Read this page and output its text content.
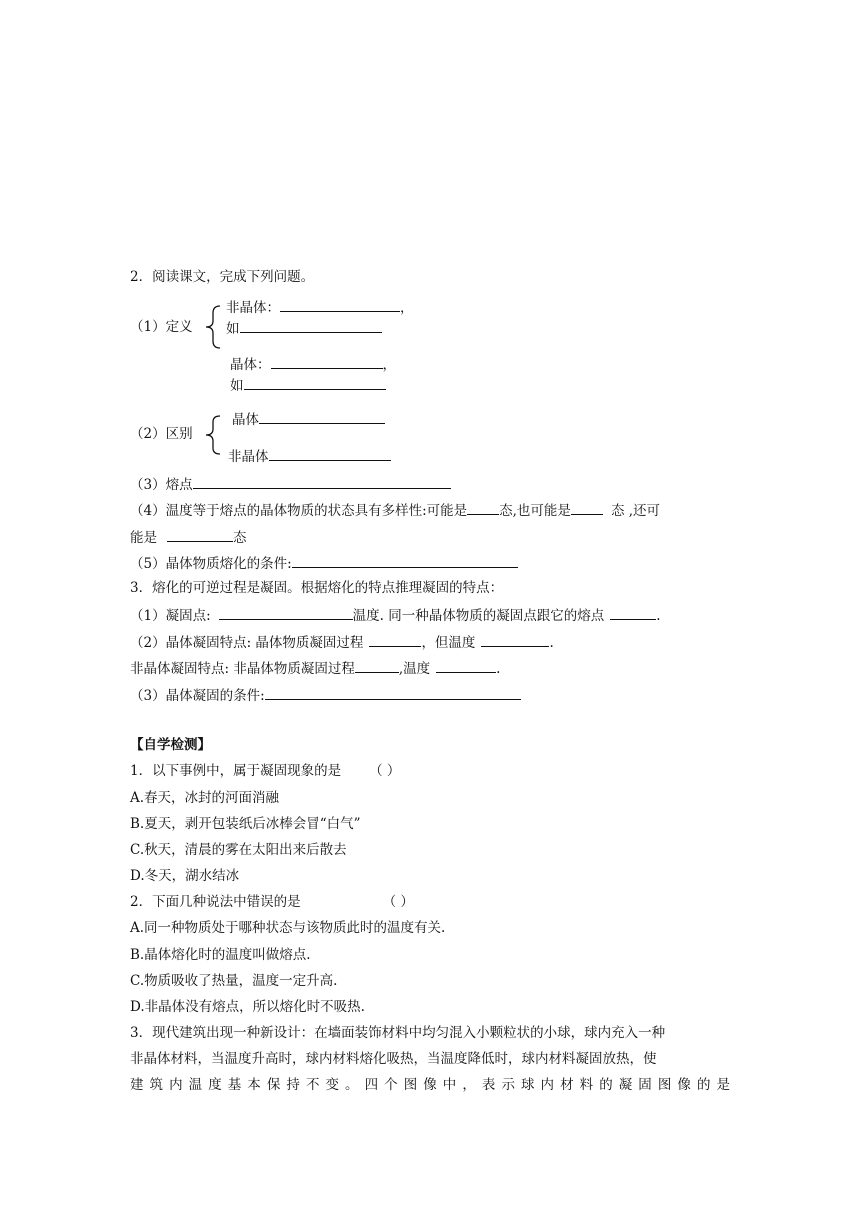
2．阅读课文，完成下列问题。
非晶体：	，
（1）定义 如
晶体：	，
如
晶体
（2）区别
非晶体
（3）熔点
（4）温度等于熔点的晶体物质的状态具有多样性:可能是 态,也可能是	态 ,还可
能是	态
（5）晶体物质熔化的条件:
3．熔化的可逆过程是凝固。根据熔化的特点推理凝固的特点：
（1）凝固点:	温度. 同一种晶体物质的凝固点跟它的熔点	.
（2）晶体凝固特点: 晶体物质凝固过程	，但温度	.
非晶体凝固特点: 非晶体物质凝固过程	,温度	.
（3）晶体凝固的条件:
【自学检测】
1．以下事例中，属于凝固现象的是 （ ）
A.春天，冰封的河面消融
B.夏天，剥开包装纸后冰棒会冒“白气”
C.秋天，清晨的雾在太阳出来后散去
D.冬天，湖水结冰
2．下面几种说法中错误的是	（ ）
A.同一种物质处于哪种状态与该物质此时的温度有关.
B.晶体熔化时的温度叫做熔点.
C.物质吸收了热量，温度一定升高.
D.非晶体没有熔点，所以熔化时不吸热.
3．现代建筑出现一种新设计：在墙面装饰材料中均匀混入小颗粒状的小球，球内充入一种
非晶体材料，当温度升高时，球内材料熔化吸热，当温度降低时，球内材料凝固放热，使
建筑内温度基本保持不变。四个图像中，表示球内材料的凝固图像的是
